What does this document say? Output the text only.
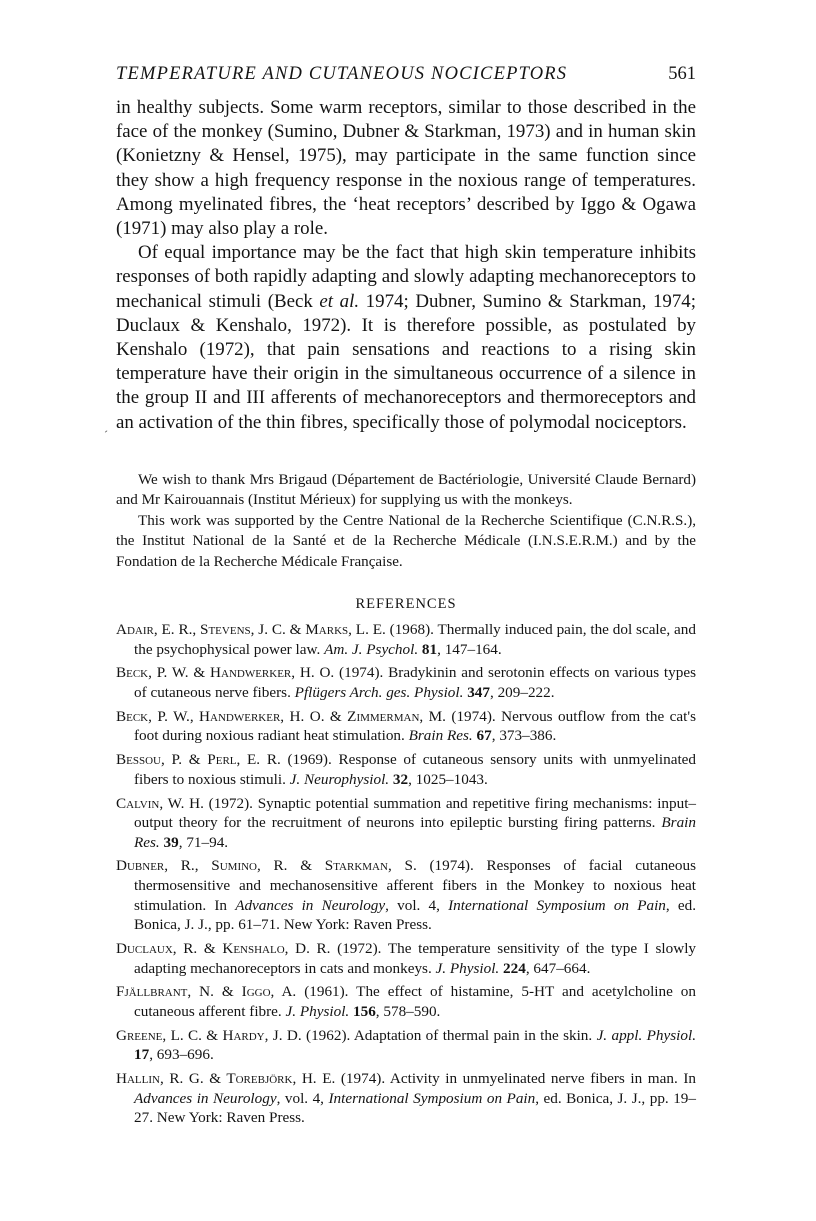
TEMPERATURE AND CUTANEOUS NOCICEPTORS	561

in healthy subjects. Some warm receptors, similar to those described in the face of the monkey (Sumino, Dubner & Starkman, 1973) and in human skin (Konietzny & Hensel, 1975), may participate in the same function since they show a high frequency response in the noxious range of temperatures. Among myelinated fibres, the ‘heat receptors’ described by Iggo & Ogawa (1971) may also play a role.

Of equal importance may be the fact that high skin temperature inhibits responses of both rapidly adapting and slowly adapting mechanoreceptors to mechanical stimuli (Beck et al. 1974; Dubner, Sumino & Starkman, 1974; Duclaux & Kenshalo, 1972). It is therefore possible, as postulated by Kenshalo (1972), that pain sensations and reactions to a rising skin temperature have their origin in the simultaneous occurrence of a silence in the group II and III afferents of mechanoreceptors and thermoreceptors and an activation of the thin fibres, specifically those of polymodal nociceptors.

´

We wish to thank Mrs Brigaud (Département de Bactériologie, Université Claude Bernard) and Mr Kairouannais (Institut Mérieux) for supplying us with the monkeys.

This work was supported by the Centre National de la Recherche Scientifique (C.N.R.S.), the Institut National de la Santé et de la Recherche Médicale (I.N.S.E.R.M.) and by the Fondation de la Recherche Médicale Française.

REFERENCES
Adair, E. R., Stevens, J. C. & Marks, L. E. (1968). Thermally induced pain, the dol scale, and the psychophysical power law. Am. J. Psychol. 81, 147–164.
Beck, P. W. & Handwerker, H. O. (1974). Bradykinin and serotonin effects on various types of cutaneous nerve fibers. Pflügers Arch. ges. Physiol. 347, 209–222.
Beck, P. W., Handwerker, H. O. & Zimmerman, M. (1974). Nervous outflow from the cat's foot during noxious radiant heat stimulation. Brain Res. 67, 373–386.
Bessou, P. & Perl, E. R. (1969). Response of cutaneous sensory units with unmyelinated fibers to noxious stimuli. J. Neurophysiol. 32, 1025–1043.
Calvin, W. H. (1972). Synaptic potential summation and repetitive firing mechanisms: input–output theory for the recruitment of neurons into epileptic bursting firing patterns. Brain Res. 39, 71–94.
Dubner, R., Sumino, R. & Starkman, S. (1974). Responses of facial cutaneous thermosensitive and mechanosensitive afferent fibers in the Monkey to noxious heat stimulation. In Advances in Neurology, vol. 4, International Symposium on Pain, ed. Bonica, J. J., pp. 61–71. New York: Raven Press.
Duclaux, R. & Kenshalo, D. R. (1972). The temperature sensitivity of the type I slowly adapting mechanoreceptors in cats and monkeys. J. Physiol. 224, 647–664.
Fjällbrant, N. & Iggo, A. (1961). The effect of histamine, 5-HT and acetylcholine on cutaneous afferent fibre. J. Physiol. 156, 578–590.
Greene, L. C. & Hardy, J. D. (1962). Adaptation of thermal pain in the skin. J. appl. Physiol. 17, 693–696.
Hallin, R. G. & Torebjörk, H. E. (1974). Activity in unmyelinated nerve fibers in man. In Advances in Neurology, vol. 4, International Symposium on Pain, ed. Bonica, J. J., pp. 19–27. New York: Raven Press.
